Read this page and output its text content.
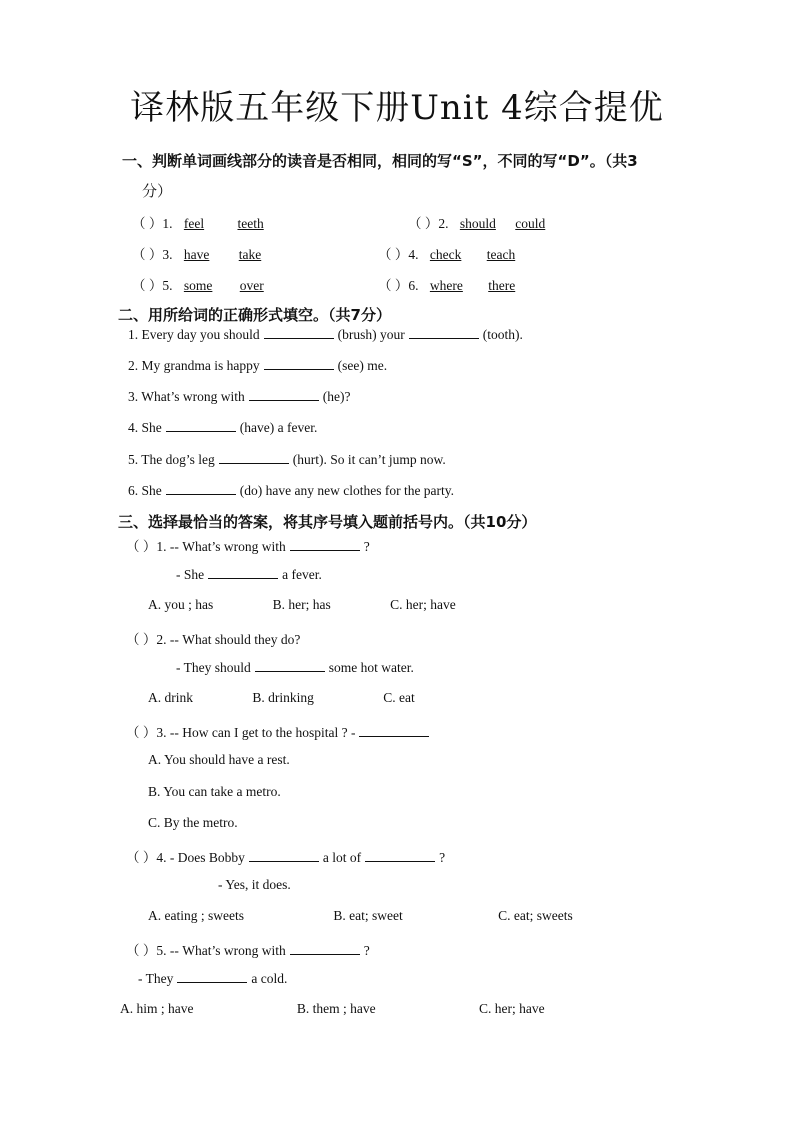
译林版五年级下册Unit 4综合提优
一、判断单词画线部分的读音是否相同，相同的写“S”，不同的写“D”。（共3
分）
（ ）1. feel teeth	（ ）2. should could
（ ）3. have take	（ ）4. check teach
（ ）5. some over	（ ）6. where there
二、用所给词的正确形式填空。（共7分）
1. Every day you should	(brush) your	(tooth).
2. My grandma is happy	(see) me.
3. What’s wrong with	(he)?
4. She	(have) a fever.
5. The dog’s leg	(hurt). So it can’t jump now.
6. She	(do) have any new clothes for the party.
三、选择最恰当的答案，将其序号填入题前括号内。（共10分）
（ ）1. -- What’s wrong with	?
- She	a fever.
A. you ; has	B. her; has	C. her; have
（ ）2. -- What should they do?
- They should	some hot water.
A. drink	B. drinking	C. eat
（ ）3. -- How can I get to the hospital ? -
A. You should have a rest.
B. You can take a metro.
C. By the metro.
（ ）4. - Does Bobby	a lot of	?
- Yes, it does.
A. eating ; sweets	B. eat; sweet	C. eat; sweets
（ ）5. -- What’s wrong with	?
- They	a cold.
A. him ; have	B. them ; have	C. her; have
